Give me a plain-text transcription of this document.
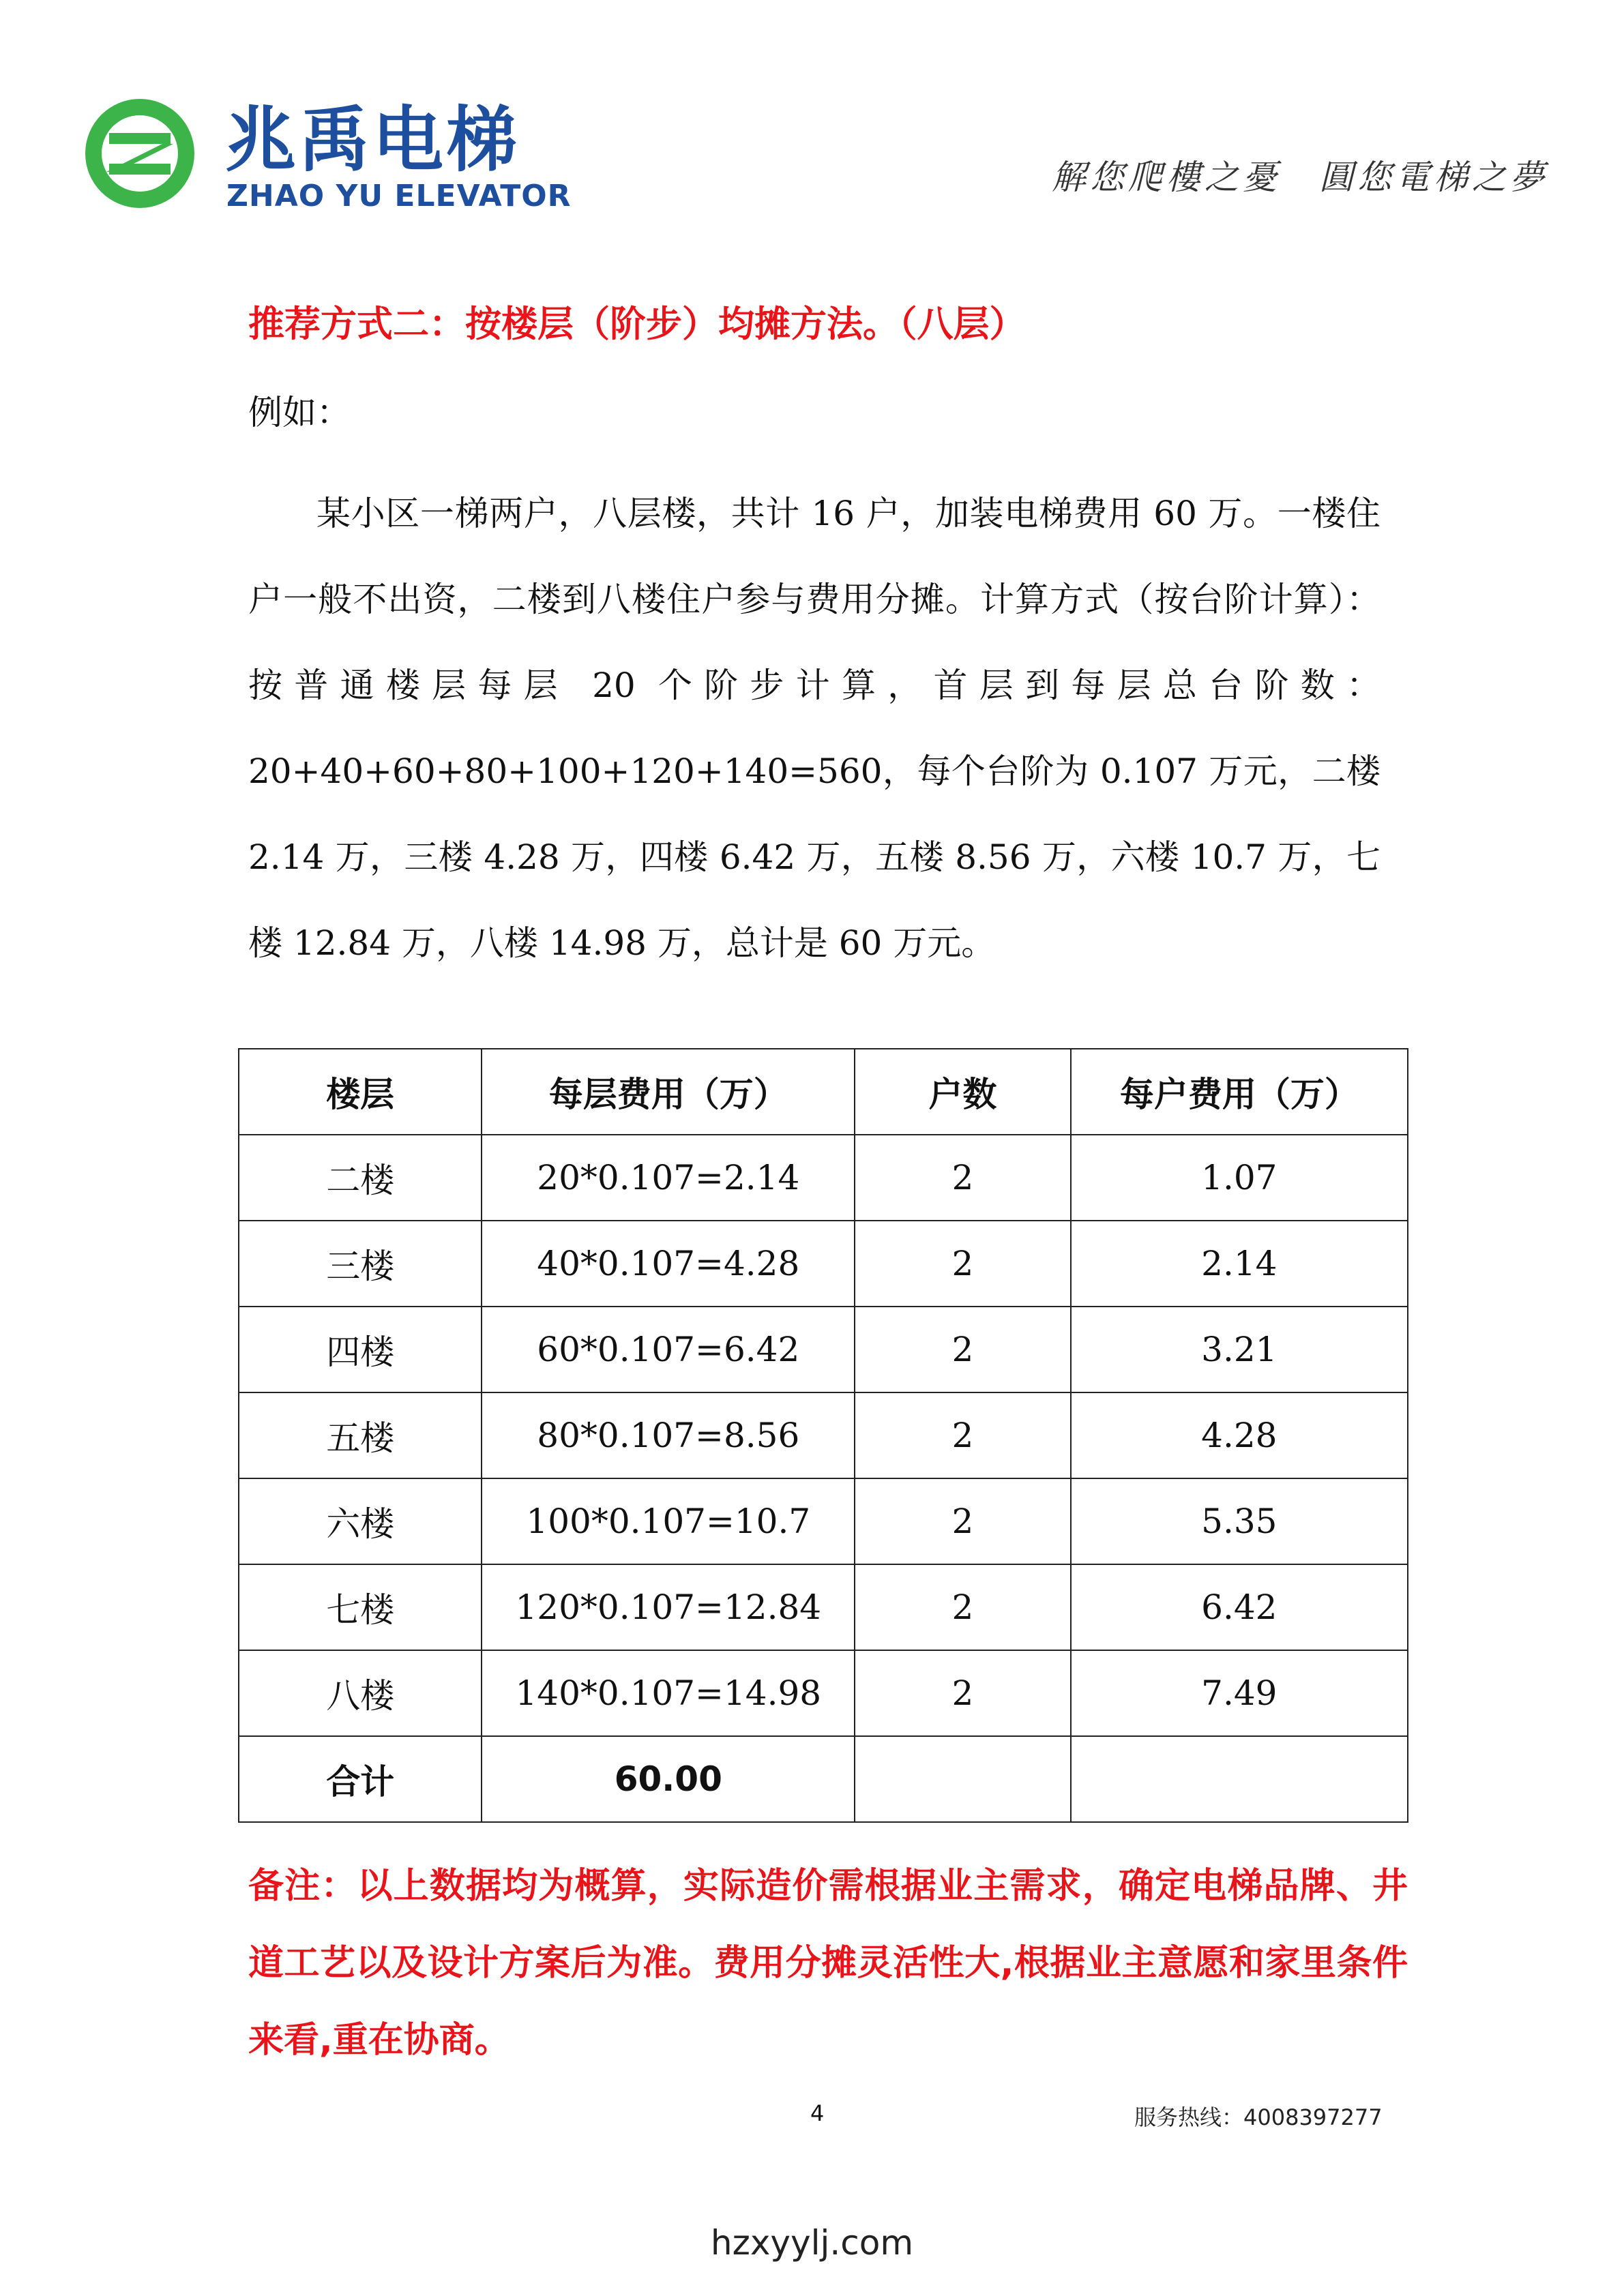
兆禹电梯
ZHAO YU ELEVATOR	解您爬樓之憂　圓您電梯之夢
推荐方式二：按楼层（阶步）均摊方法。（八层）
例如：
某小区一梯两户，八层楼，共计 16 户，加装电梯费用 60 万。一楼住户一般不出资，二楼到八楼住户参与费用分摊。计算方式（按台阶计算）：按普通楼层每层 20 个阶步计算，首层到每层总台阶数：20+40+60+80+100+120+140=560，每个台阶为 0.107 万元，二楼 2.14 万，三楼 4.28 万，四楼 6.42 万，五楼 8.56 万，六楼 10.7 万，七楼 12.84 万，八楼 14.98 万，总计是 60 万元。
楼层	每层费用（万）	户数	每户费用（万）
二楼	20*0.107=2.14	2	1.07
三楼	40*0.107=4.28	2	2.14
四楼	60*0.107=6.42	2	3.21
五楼	80*0.107=8.56	2	4.28
六楼	100*0.107=10.7	2	5.35
七楼	120*0.107=12.84	2	6.42
八楼	140*0.107=14.98	2	7.49
合计	60.00		
备注：以上数据均为概算，实际造价需根据业主需求，确定电梯品牌、井道工艺以及设计方案后为准。费用分摊灵活性大,根据业主意愿和家里条件来看,重在协商。
4	服务热线：4008397277
hzxyylj.com
